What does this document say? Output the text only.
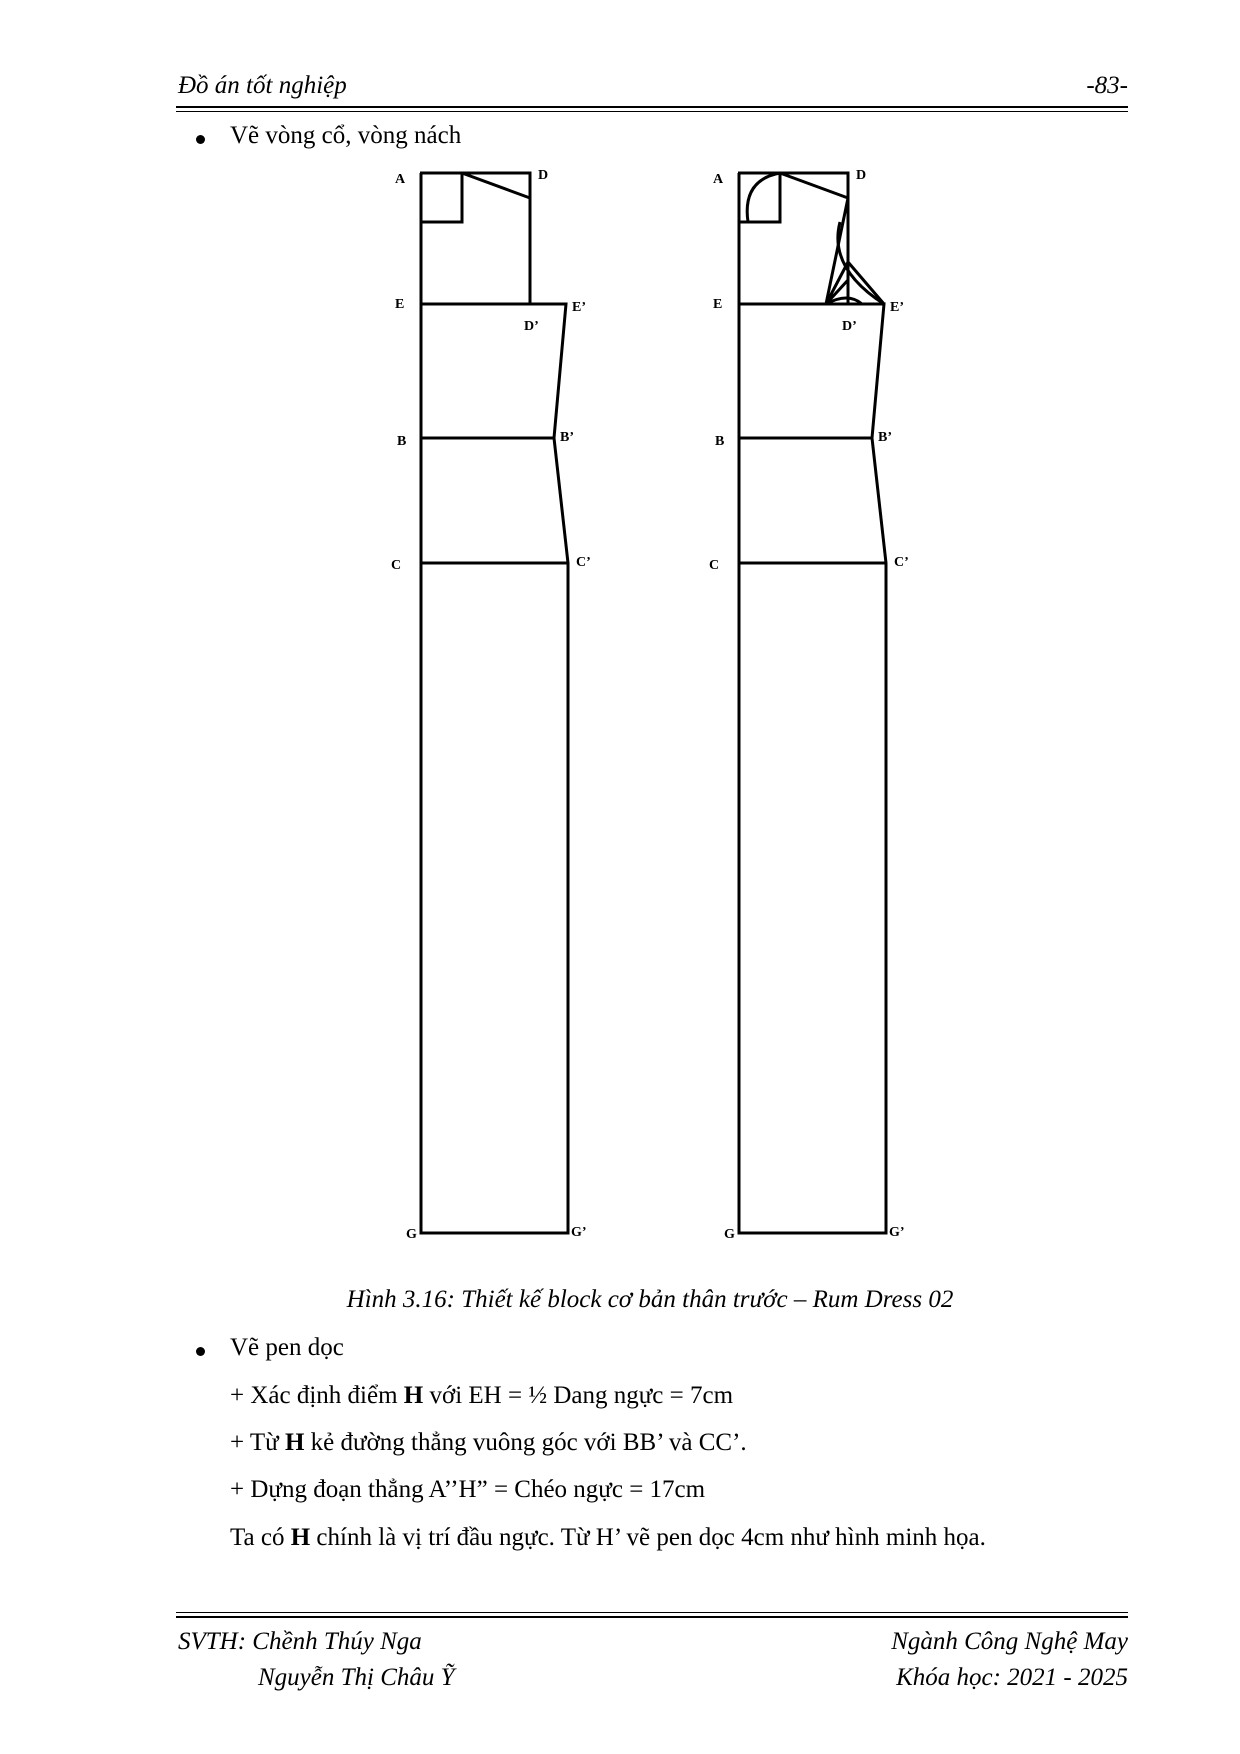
Đồ án tốt nghiệp	-83-
Vẽ vòng cổ, vòng nách
A	D
E	E’
D’
B	B’
C	C’
G	G’
A	D
E	E’
D’
B	B’
C	C’
G	G’
Hình 3.16: Thiết kế block cơ bản thân trước – Rum Dress 02
Vẽ pen dọc
+ Xác định điểm H với EH = ½ Dang ngực = 7cm
+ Từ H kẻ đường thẳng vuông góc với BB’ và CC’.
+ Dựng đoạn thẳng A’’H” = Chéo ngực = 17cm
Ta có H chính là vị trí đầu ngực. Từ H’ vẽ pen dọc 4cm như hình minh họa.
SVTH: Chềnh Thúy Nga
Nguyễn Thị Châu Ỹ
Ngành Công Nghệ May
Khóa học: 2021 - 2025
